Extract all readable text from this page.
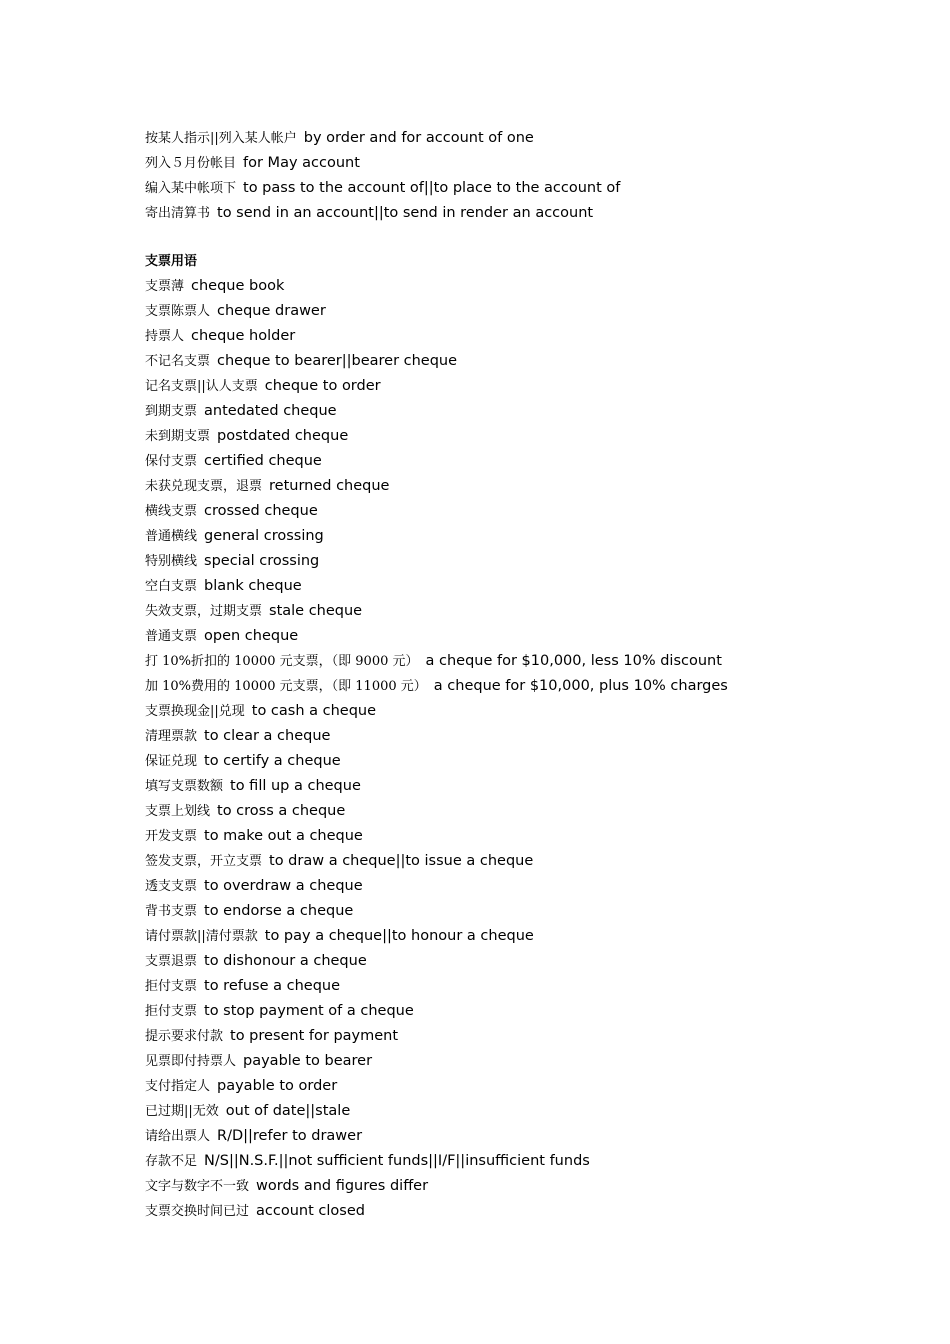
按某人指示||列入某人帐户 by order and for account of one
列入５月份帐目 for May account
编入某中帐项下 to pass to the account of||to place to the account of
寄出清算书 to send in an account||to send in render an account
支票用语
支票薄 cheque book
支票陈票人 cheque drawer
持票人 cheque holder
不记名支票 cheque to bearer||bearer cheque
记名支票||认人支票 cheque to order
到期支票 antedated cheque
未到期支票 postdated cheque
保付支票 certified cheque
未获兑现支票，退票 returned cheque
横线支票 crossed cheque
普通横线 general crossing
特别横线 special crossing
空白支票 blank cheque
失效支票，过期支票 stale cheque
普通支票 open cheque
打 10%折扣的 10000 元支票，（即 9000 元） a cheque for $10,000, less 10% discount
加 10%费用的 10000 元支票，（即 11000 元） a cheque for $10,000, plus 10% charges
支票换现金||兑现 to cash a cheque
清理票款 to clear a cheque
保证兑现 to certify a cheque
填写支票数额 to fill up a cheque
支票上划线 to cross a cheque
开发支票 to make out a cheque
签发支票，开立支票 to draw a cheque||to issue a cheque
透支支票 to overdraw a cheque
背书支票 to endorse a cheque
请付票款||清付票款 to pay a cheque||to honour a cheque
支票退票 to dishonour a cheque
拒付支票 to refuse a cheque
拒付支票 to stop payment of a cheque
提示要求付款 to present for payment
见票即付持票人 payable to bearer
支付指定人 payable to order
已过期||无效 out of date||stale
请给出票人 R/D||refer to drawer
存款不足 N/S||N.S.F.||not sufficient funds||I/F||insufficient funds
文字与数字不一致 words and figures differ
支票交换时间已过 account closed
